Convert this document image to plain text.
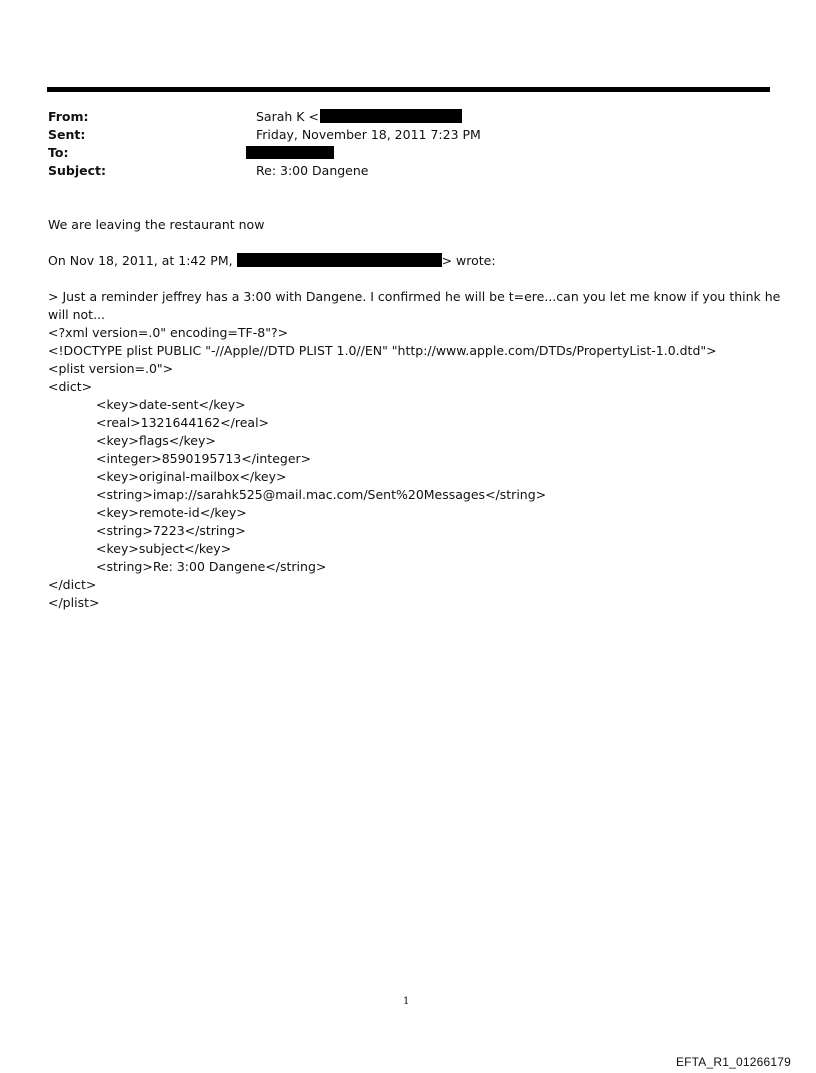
From:	Sarah K <
Sent:	Friday, November 18, 2011 7:23 PM
To:
Subject:	Re: 3:00 Dangene
We are leaving the restaurant now
On Nov 18, 2011, at 1:42 PM,	> wrote:
> Just a reminder jeffrey has a 3:00 with Dangene. I confirmed he will be t=ere...can you let me know if you think he will not...
<?xml version=.0" encoding=TF-8"?>
<!DOCTYPE plist PUBLIC "-//Apple//DTD PLIST 1.0//EN" "http://www.apple.com/DTDs/PropertyList-1.0.dtd">
<plist version=.0">
<dict>
<key>date-sent</key>
<real>1321644162</real>
<key>flags</key>
<integer>8590195713</integer>
<key>original-mailbox</key>
<string>imap://sarahk525@mail.mac.com/Sent%20Messages</string>
<key>remote-id</key>
<string>7223</string>
<key>subject</key>
<string>Re: 3:00 Dangene</string>
</dict>
</plist>
1
EFTA_R1_01266179
